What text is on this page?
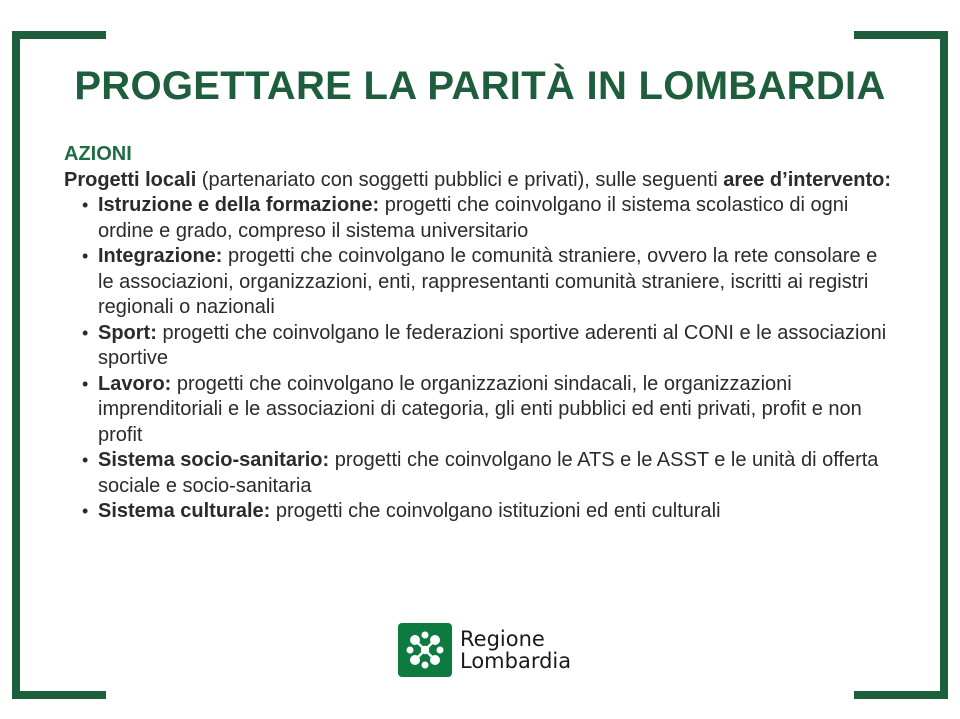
PROGETTARE LA PARITÀ IN LOMBARDIA
AZIONI
Progetti locali (partenariato con soggetti pubblici e privati), sulle seguenti aree d’intervento:
• Istruzione e della formazione: progetti che coinvolgano il sistema scolastico di ogni ordine e grado, compreso il sistema universitario
• Integrazione: progetti che coinvolgano le comunità straniere, ovvero la rete consolare e le associazioni, organizzazioni, enti, rappresentanti comunità straniere, iscritti ai registri regionali o nazionali
• Sport: progetti che coinvolgano le federazioni sportive aderenti al CONI e le associazioni sportive
• Lavoro: progetti che coinvolgano le organizzazioni sindacali, le organizzazioni imprenditoriali e le associazioni di categoria, gli enti pubblici ed enti privati, profit e non profit
• Sistema socio-sanitario: progetti che coinvolgano le ATS e le ASST e le unità di offerta sociale e socio-sanitaria
• Sistema culturale: progetti che coinvolgano istituzioni ed enti culturali
Regione
Lombardia
